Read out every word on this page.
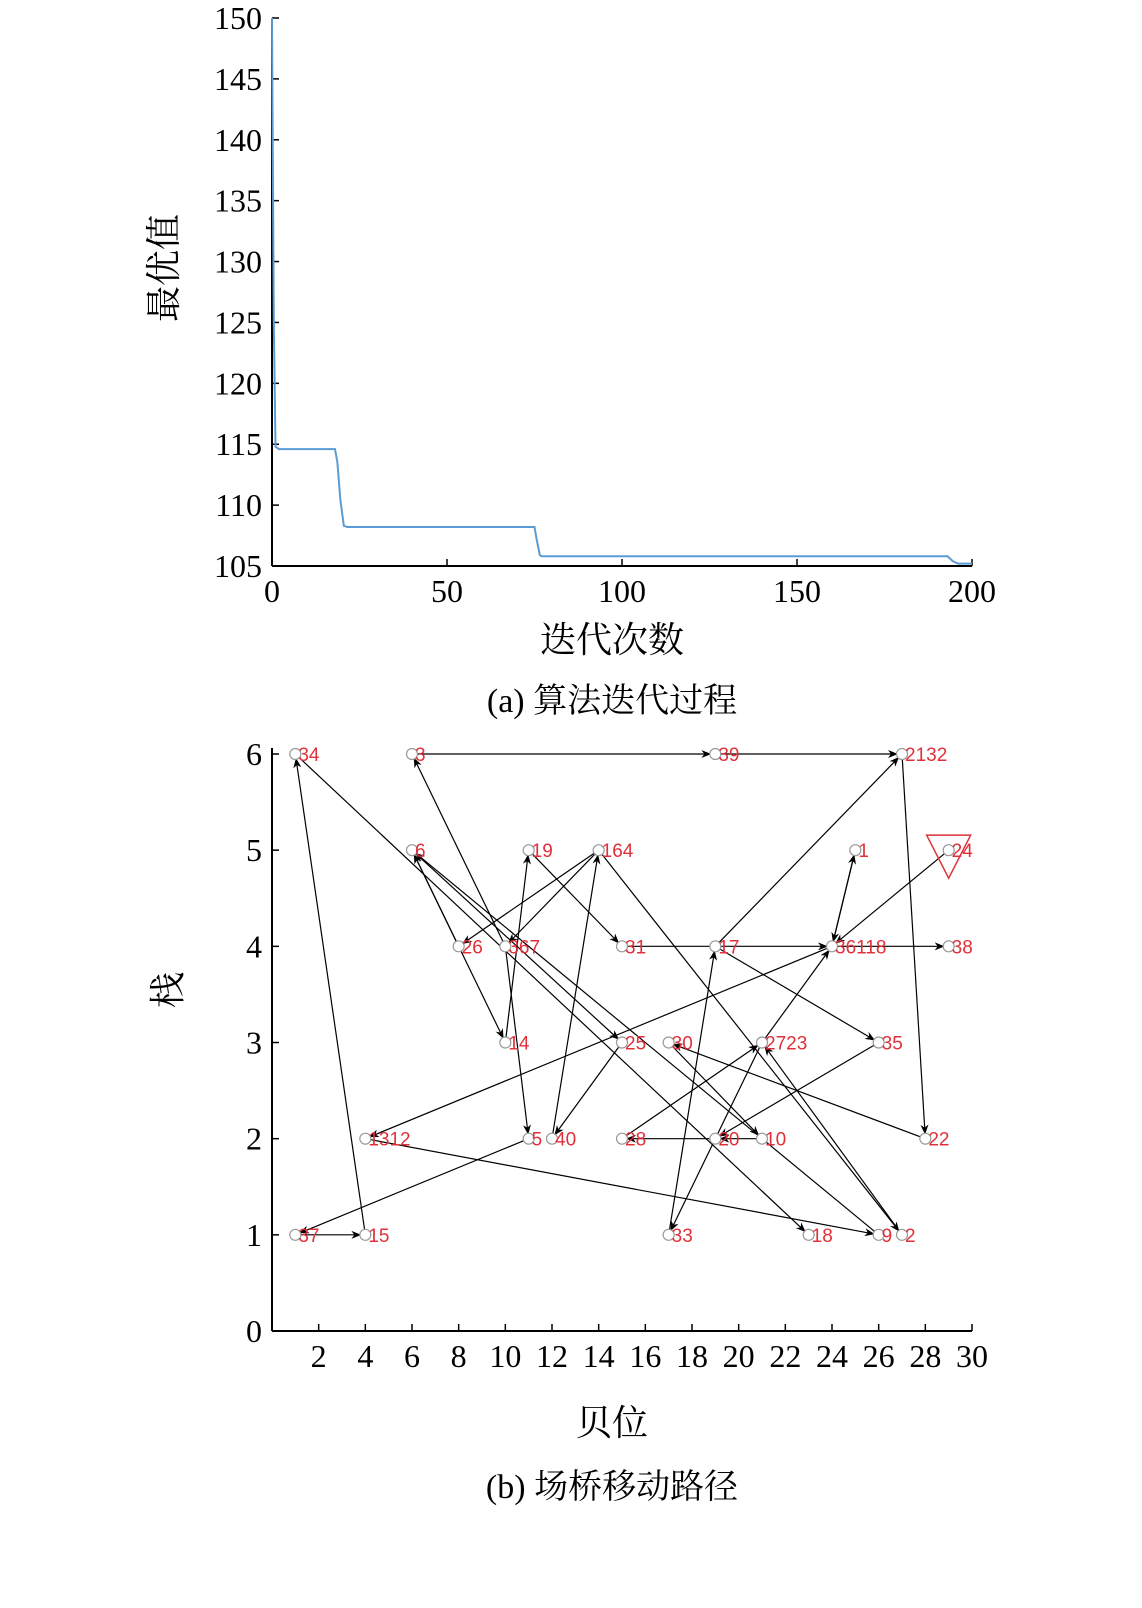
105
110
115
120
125
130
135
140
145
150
0	50	100	150	200
最优值
迭代次数
(a) 算法迭代过程
0
1
2
3
4
5
6
2 4 6 8 10 12 14 16 18 20 22 24 26 28 30
34	3	39	2132
6	19	164	1
26 367	31	17	36118	38
14	25 30	2723	35
1312	5 40	28	20 10	22
37	15	33	18	9 2
24
栈
贝位
(b) 场桥移动路径
